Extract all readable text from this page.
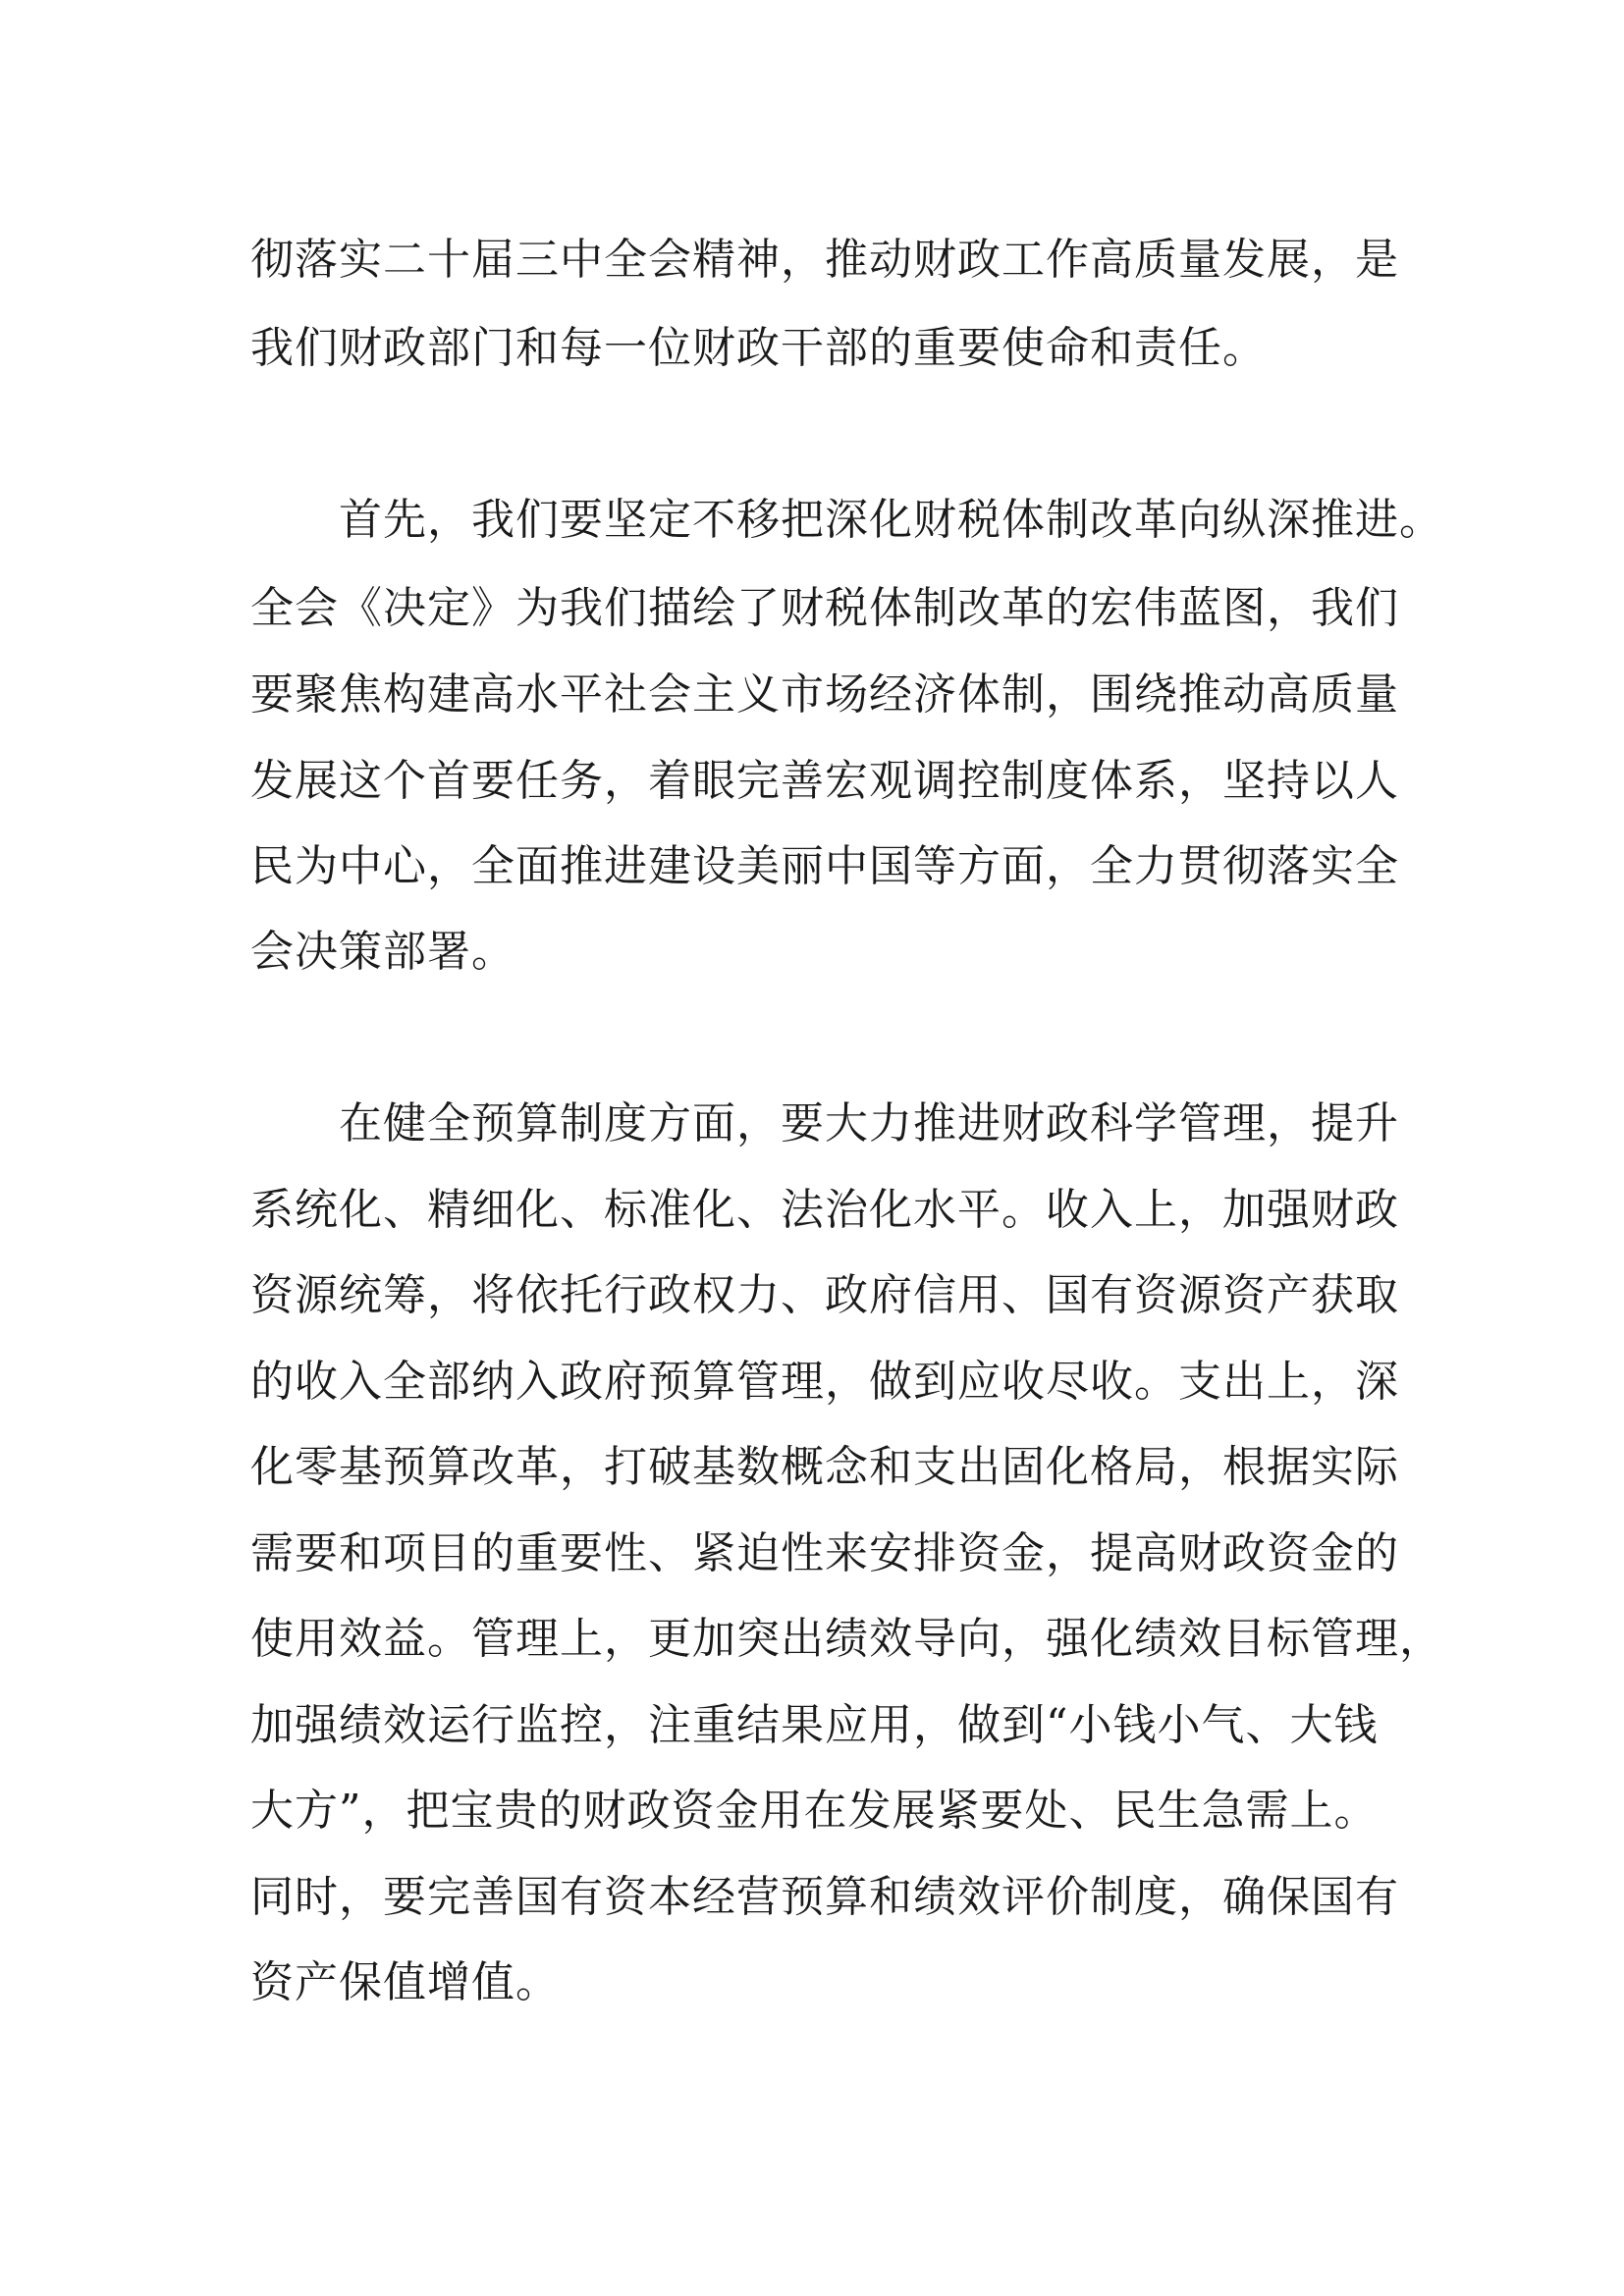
彻落实二十届三中全会精神，推动财政工作高质量发展，是
我们财政部门和每一位财政干部的重要使命和责任。
首先，我们要坚定不移把深化财税体制改革向纵深推进。
全会《决定》为我们描绘了财税体制改革的宏伟蓝图，我们
要聚焦构建高水平社会主义市场经济体制，围绕推动高质量
发展这个首要任务，着眼完善宏观调控制度体系，坚持以人
民为中心，全面推进建设美丽中国等方面，全力贯彻落实全
会决策部署。
在健全预算制度方面，要大力推进财政科学管理，提升
系统化、精细化、标准化、法治化水平。收入上，加强财政
资源统筹，将依托行政权力、政府信用、国有资源资产获取
的收入全部纳入政府预算管理，做到应收尽收。支出上，深
化零基预算改革，打破基数概念和支出固化格局，根据实际
需要和项目的重要性、紧迫性来安排资金，提高财政资金的
使用效益。管理上，更加突出绩效导向，强化绩效目标管理，
加强绩效运行监控，注重结果应用，做到“小钱小气、大钱
大方”，把宝贵的财政资金用在发展紧要处、民生急需上。
同时，要完善国有资本经营预算和绩效评价制度，确保国有
资产保值增值。
